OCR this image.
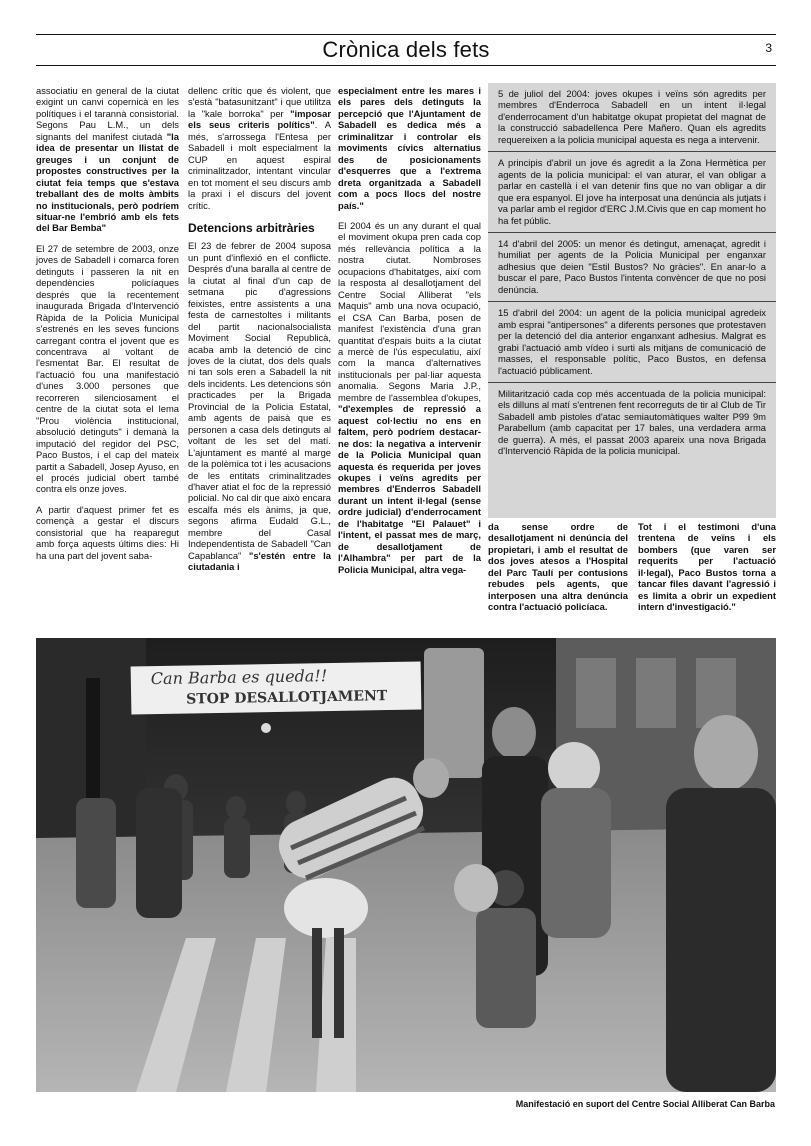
Crònica dels fets	3

associatiu en general de la ciutat exigint un canvi copernicà en les polítiques i el tarannà consistorial. Segons Pau L.M., un dels signants del manifest ciutadà "la idea de presentar un llistat de greuges i un conjunt de propostes constructives per la ciutat feia temps que s'estava treballant des de molts àmbits no institucionals, però podríem situar-ne l'embrió amb els fets del Bar Bemba"

El 27 de setembre de 2003, onze joves de Sabadell i comarca foren detinguts i passeren la nit en dependències policíaques després que la recentement inaugurada Brigada d'Intervenció Ràpida de la Policia Municipal s'estrenés en les seves funcions carregant contra el jovent que es concentrava al voltant de l'esmentat Bar. El resultat de l'actuació fou una manifestació d'unes 3.000 persones que recorreren silenciosament el centre de la ciutat sota el lema "Prou violència institucional, absolució detinguts" i demanà la imputació del regidor del PSC, Paco Bustos, i el cap del mateix partit a Sabadell, Josep Ayuso, en el procés judicial obert també contra els onze joves.

A partir d'aquest primer fet es començà a gestar el discurs consistorial que ha reaparegut amb força aquests últims dies: Hi ha una part del jovent saba-

dellenc crític que és violent, que s'està "batasunitzant" i que utilitza la "kale borroka" per "imposar els seus criteris polítics". A més, s'arrossega l'Entesa per Sabadell i molt especialment la CUP en aquest espiral criminalitzador, intentant vincular en tot moment el seu discurs amb la praxi i el discurs del jovent crític.

Detencions arbitràries

El 23 de febrer de 2004 suposa un punt d'inflexió en el conflicte. Després d'una baralla al centre de la ciutat al final d'un cap de setmana pic d'agressions feixistes, entre assistents a una festa de carnestoltes i militants del partit nacionalsocialista Moviment Social Republicà, acaba amb la detenció de cinc joves de la ciutat, dos dels quals ni tan sols eren a Sabadell la nit dels incidents. Les detencions són practicades per la Brigada Provincial de la Policia Estatal, amb agents de paisà que es personen a casa dels detinguts al voltant de les set del matí. L'ajuntament es manté al marge de la polèmica tot i les acusacions de les entitats criminalitzades d'haver atiat el foc de la repressió policial. No cal dir que això encara escalfa més els ànims, ja que, segons afirma Eudald G.L., membre del Casal Independentista de Sabadell "Can Capablanca" "s'estén entre la ciutadania i

especialment entre les mares i els pares dels detinguts la percepció que l'Ajuntament de Sabadell es dedica més a criminalitzar i controlar els moviments cívics alternatius des de posicionaments d'esquerres que a l'extrema dreta organitzada a Sabadell com a pocs llocs del nostre país."

El 2004 és un any durant el qual el moviment okupa pren cada cop més rellevància política a la nostra ciutat. Nombroses ocupacions d'habitatges, així com la resposta al desallotjament del Centre Social Alliberat "els Maquis" amb una nova ocupació, el CSA Can Barba, posen de manifest l'existència d'una gran quantitat d'espais buits a la ciutat a mercè de l'ús especulatiu, així com la manca d'alternatives institucionals per pal·liar aquesta anomalia. Segons Maria J.P., membre de l'assemblea d'okupes, "d'exemples de repressió a aquest col·lectiu no ens en faltem, però podríem destacar-ne dos: la negativa a intervenir de la Policia Municipal quan aquesta és requerida per joves okupes i veïns agredits per membres d'Enderros Sabadell durant un intent il·legal (sense ordre judicial) d'enderrocament de l'habitatge "El Palauet" i l'intent, el passat mes de març, de desallotjament de l'Alhambra" per part de la Policia Municipal, altra vega-

5 de juliol del 2004: joves okupes i veïns són agredits per membres d'Enderroca Sabadell en un intent il·legal d'enderrocament d'un habitatge okupat propietat del magnat de la construcció sabadellenca Pere Mañero. Quan els agredits requereixen a la policia municipal aquesta es nega a intervenir.
A principis d'abril un jove és agredit a la Zona Hermètica per agents de la policia municipal: el van aturar, el van obligar a parlar en castellà i el van detenir fins que no van obligar a dir que era espanyol. El jove ha interposat una denúncia als jutjats i va parlar amb el regidor d'ERC J.M.Civis que en cap moment ho ha fet públic.
14 d'abril del 2005: un menor és detingut, amenaçat, agredit i humiliat per agents de la Policia Municipal per enganxar adhesius que deien "Estil Bustos? No gràcies". En anar-lo a buscar el pare, Paco Bustos l'intenta convèncer de que no posi denúncia.
15 d'abril del 2004: un agent de la policia municipal agredeix amb esprai "antipersones" a diferents persones que protestaven per la detenció del dia anterior enganxant adhesius. Malgrat es grabi l'actuació amb vídeo i surti als mitjans de comunicació de masses, el responsable polític, Paco Bustos, en defensa l'actuació públicament.
Militarització cada cop més accentuada de la policia municipal: els dilluns al matí s'entrenen fent recorreguts de tir al Club de Tir Sabadell amb pistoles d'atac semiautomàtiques walter P99 9m Parabellum (amb capacitat per 17 bales, una verdadera arma de guerra). A més, el passat 2003 apareix una nova Brigada d'Intervenció Ràpida de la policia municipal.
da sense ordre de desallotjament ni denúncia del propietari, i amb el resultat de dos joves atesos a l'Hospital del Parc Taulí per contusions rebudes pels agents, que interposen una altra denúncia contra l'actuació policíaca.
Tot i el testimoni d'una trentena de veïns i els bombers (que varen ser requerits per l'actuació il·legal), Paco Bustos torna a tancar files davant l'agressió i es limita a obrir un expedient intern d'investigació."
Can Barba es queda!!
STOP DESALLOTJAMENT
Manifestació en suport del Centre Social Alliberat Can Barba
